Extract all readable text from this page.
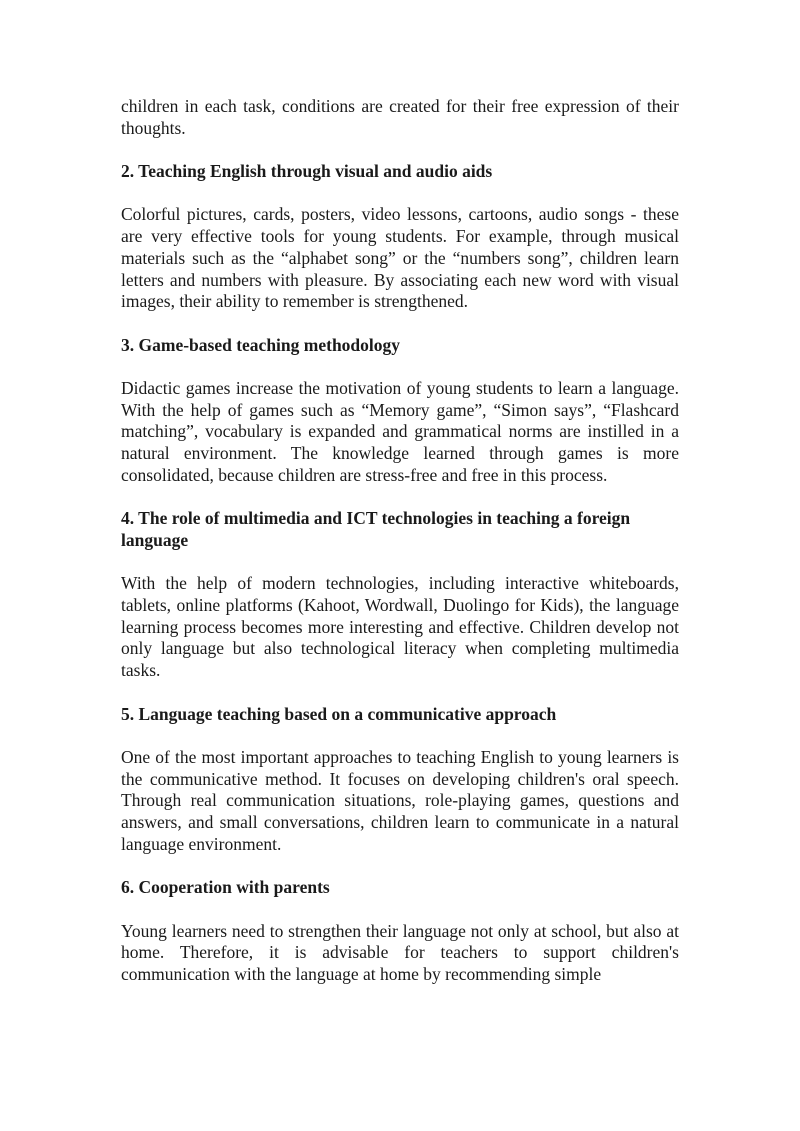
children in each task, conditions are created for their free expression of their thoughts.

2. Teaching English through visual and audio aids

Colorful pictures, cards, posters, video lessons, cartoons, audio songs - these are very effective tools for young students. For example, through musical materials such as the “alphabet song” or the “numbers song”, children learn letters and numbers with pleasure. By associating each new word with visual images, their ability to remember is strengthened.

3. Game-based teaching methodology

Didactic games increase the motivation of young students to learn a language. With the help of games such as “Memory game”, “Simon says”, “Flashcard matching”, vocabulary is expanded and grammatical norms are instilled in a natural environment. The knowledge learned through games is more consolidated, because children are stress-free and free in this process.

4. The role of multimedia and ICT technologies in teaching a foreign language

With the help of modern technologies, including interactive whiteboards, tablets, online platforms (Kahoot, Wordwall, Duolingo for Kids), the language learning process becomes more interesting and effective. Children develop not only language but also technological literacy when completing multimedia tasks.

5. Language teaching based on a communicative approach

One of the most important approaches to teaching English to young learners is the communicative method. It focuses on developing children's oral speech. Through real communication situations, role-playing games, questions and answers, and small conversations, children learn to communicate in a natural language environment.

6. Cooperation with parents

Young learners need to strengthen their language not only at school, but also at home. Therefore, it is advisable for teachers to support children's communication with the language at home by recommending simple
